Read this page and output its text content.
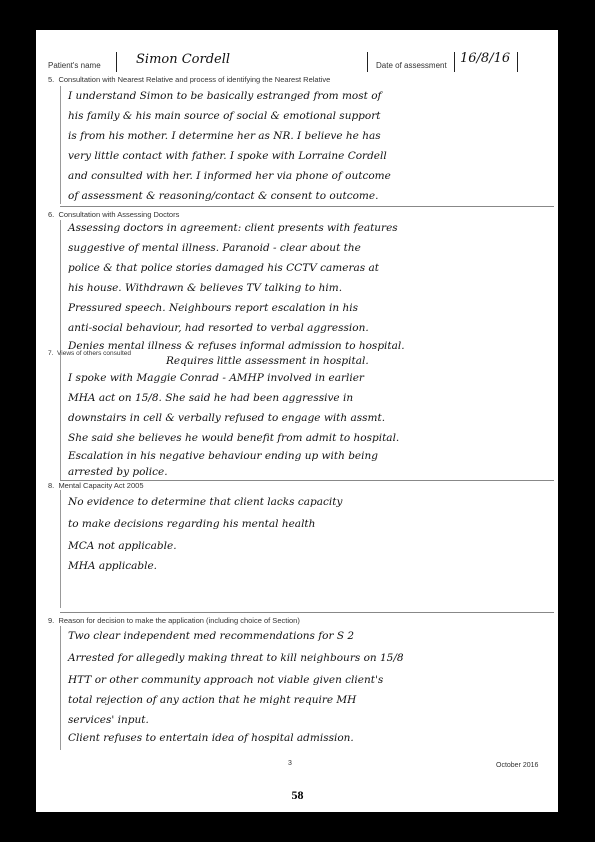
Patient's name	Simon Cordell	Date of assessment 16/8/16
5. Consultation with Nearest Relative and process of identifying the Nearest Relative
I understand Simon to be basically estranged from most of
his family & his main source of social & emotional support
is from his mother. I determine her as NR. I believe he has
very little contact with father. I spoke with Lorraine Cordell
and consulted with her. I informed her via phone of outcome
of assessment & reasoning/contact & consent to outcome.
6. Consultation with Assessing Doctors
Assessing doctors in agreement: client presents with features
suggestive of mental illness. Paranoid - clear about the
police & that police stories damaged his CCTV cameras at
his house. Withdrawn & believes TV talking to him.
Pressured speech. Neighbours report escalation in his
anti-social behaviour, had resorted to verbal aggression.
Denies mental illness & refuses informal admission to hospital.
Requires little assessment in hospital.
7. Views of others consulted
I spoke with Maggie Conrad - AMHP involved in earlier
MHA act on 15/8. She said he had been aggressive in
downstairs in cell & verbally refused to engage with assmt.
She said she believes he would benefit from admit to hospital.
Escalation in his negative behaviour ending up with being
arrested by police.
8. Mental Capacity Act 2005
No evidence to determine that client lacks capacity
to make decisions regarding his mental health
MCA not applicable.
MHA applicable.
9. Reason for decision to make the application (including choice of Section)
Two clear independent med recommendations for S 2
Arrested for allegedly making threat to kill neighbours on 15/8
HTT or other community approach not viable given client's
total rejection of any action that he might require MH
services' input.
Client refuses to entertain idea of hospital admission.
3	October 2016
58
